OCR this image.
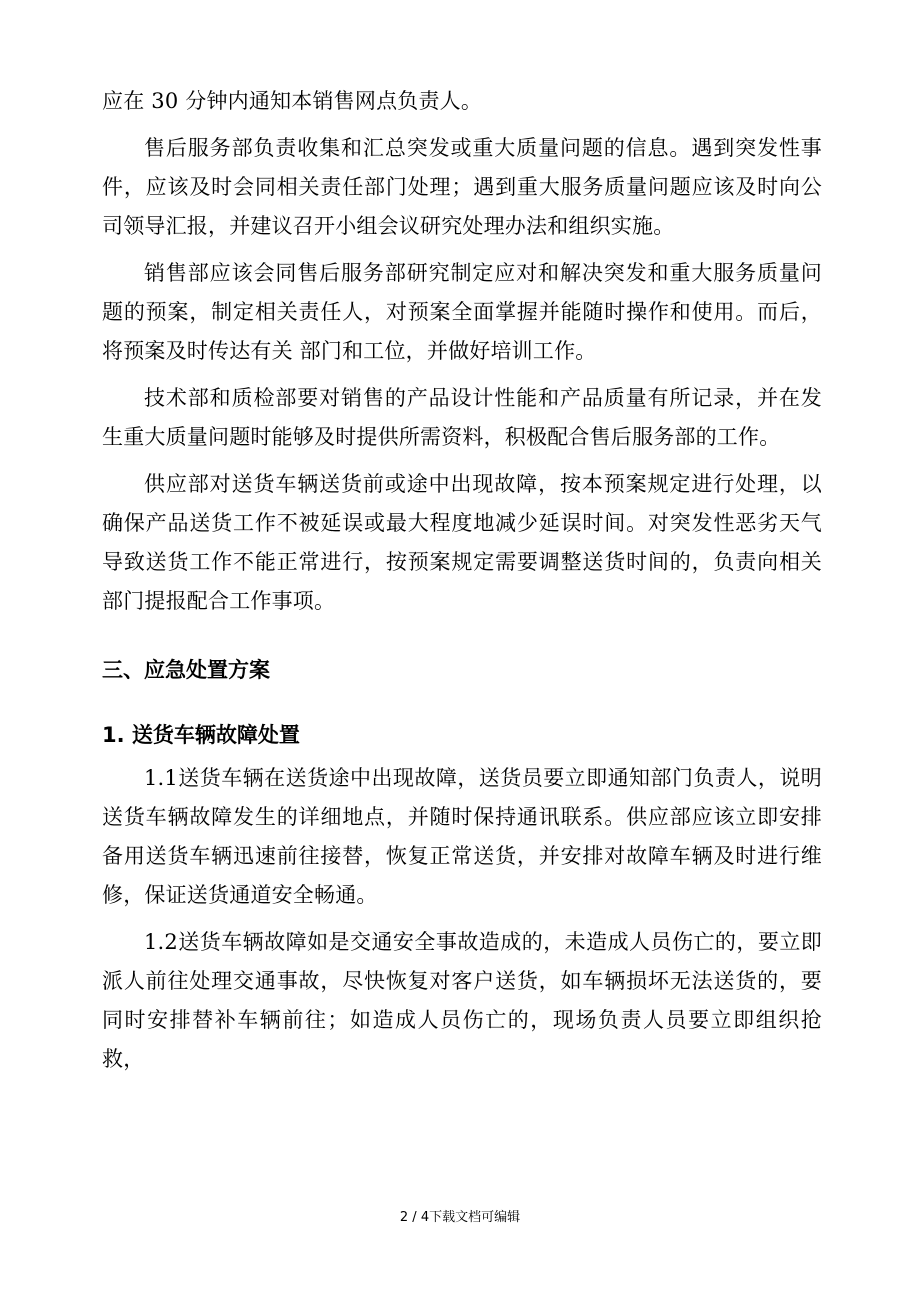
应在 30 分钟内通知本销售网点负责人。

售后服务部负责收集和汇总突发或重大质量问题的信息。遇到突发性事件，应该及时会同相关责任部门处理；遇到重大服务质量问题应该及时向公司领导汇报，并建议召开小组会议研究处理办法和组织实施。

销售部应该会同售后服务部研究制定应对和解决突发和重大服务质量问题的预案，制定相关责任人，对预案全面掌握并能随时操作和使用。而后，将预案及时传达有关 部门和工位，并做好培训工作。

技术部和质检部要对销售的产品设计性能和产品质量有所记录，并在发生重大质量问题时能够及时提供所需资料，积极配合售后服务部的工作。

供应部对送货车辆送货前或途中出现故障，按本预案规定进行处理，以确保产品送货工作不被延误或最大程度地减少延误时间。对突发性恶劣天气导致送货工作不能正常进行，按预案规定需要调整送货时间的，负责向相关部门提报配合工作事项。

三、应急处置方案
1. 送货车辆故障处置

1.1送货车辆在送货途中出现故障，送货员要立即通知部门负责人，说明送货车辆故障发生的详细地点，并随时保持通讯联系。供应部应该立即安排备用送货车辆迅速前往接替，恢复正常送货，并安排对故障车辆及时进行维修，保证送货通道安全畅通。

1.2送货车辆故障如是交通安全事故造成的，未造成人员伤亡的，要立即派人前往处理交通事故，尽快恢复对客户送货，如车辆损坏无法送货的，要同时安排替补车辆前往；如造成人员伤亡的，现场负责人员要立即组织抢救，

2 / 4下载文档可编辑
